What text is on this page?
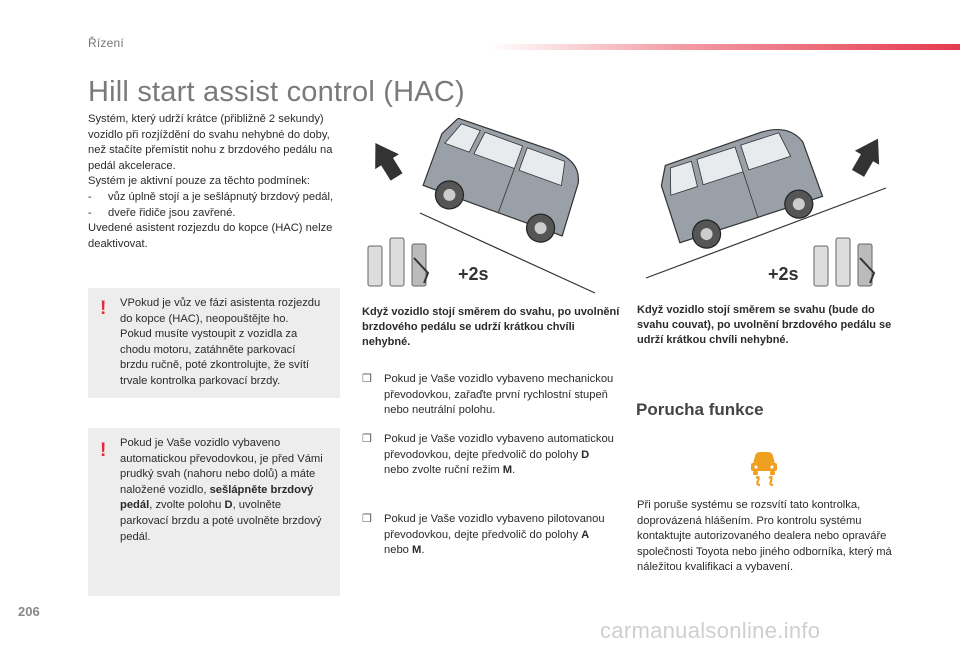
Řízení
Hill start assist control (HAC)

Systém, který udrží krátce (přibližně 2 sekundy) vozidlo při rozjíždění do svahu nehybné do doby, než stačíte přemístit nohu z brzdového pedálu na pedál akcelerace.

Systém je aktivní pouze za těchto podmínek:

- vůz úplně stojí a je sešlápnutý brzdový pedál,

- dveře řidiče jsou zavřené.

Uvedené asistent rozjezdu do kopce (HAC) nelze deaktivovat.

! VPokud je vůz ve fázi asistenta rozjezdu do kopce (HAC), neopouštějte ho.

Pokud musíte vystoupit z vozidla za chodu motoru, zatáhněte parkovací brzdu ručně, poté zkontrolujte, že svítí trvale kontrolka parkovací brzdy.

! Pokud je Vaše vozidlo vybaveno automatickou převodovkou, je před Vámi prudký svah (nahoru nebo dolů) a máte naložené vozidlo, sešlápněte brzdový pedál, zvolte polohu D, uvolněte parkovací brzdu a poté uvolněte brzdový pedál.

+2s	+2s
Když vozidlo stojí směrem do svahu, po uvolnění brzdového pedálu se udrží krátkou chvíli nehybné.
Když vozidlo stojí směrem se svahu (bude do svahu couvat), po uvolnění brzdového pedálu se udrží krátkou chvíli nehybné.
❒ Pokud je Vaše vozidlo vybaveno mechanickou převodovkou, zařaďte první rychlostní stupeň nebo neutrální polohu.
❒ Pokud je Vaše vozidlo vybaveno automatickou převodovkou, dejte předvolič do polohy D nebo zvolte ruční režim M.
❒ Pokud je Vaše vozidlo vybaveno pilotovanou převodovkou, dejte předvolič do polohy A nebo M.
Porucha funkce
Při poruše systému se rozsvítí tato kontrolka, doprovázená hlášením. Pro kontrolu systému kontaktujte autorizovaného dealera nebo opraváře společnosti Toyota nebo jiného odborníka, který má náležitou kvalifikaci a vybavení.
206
carmanualsonline.info
